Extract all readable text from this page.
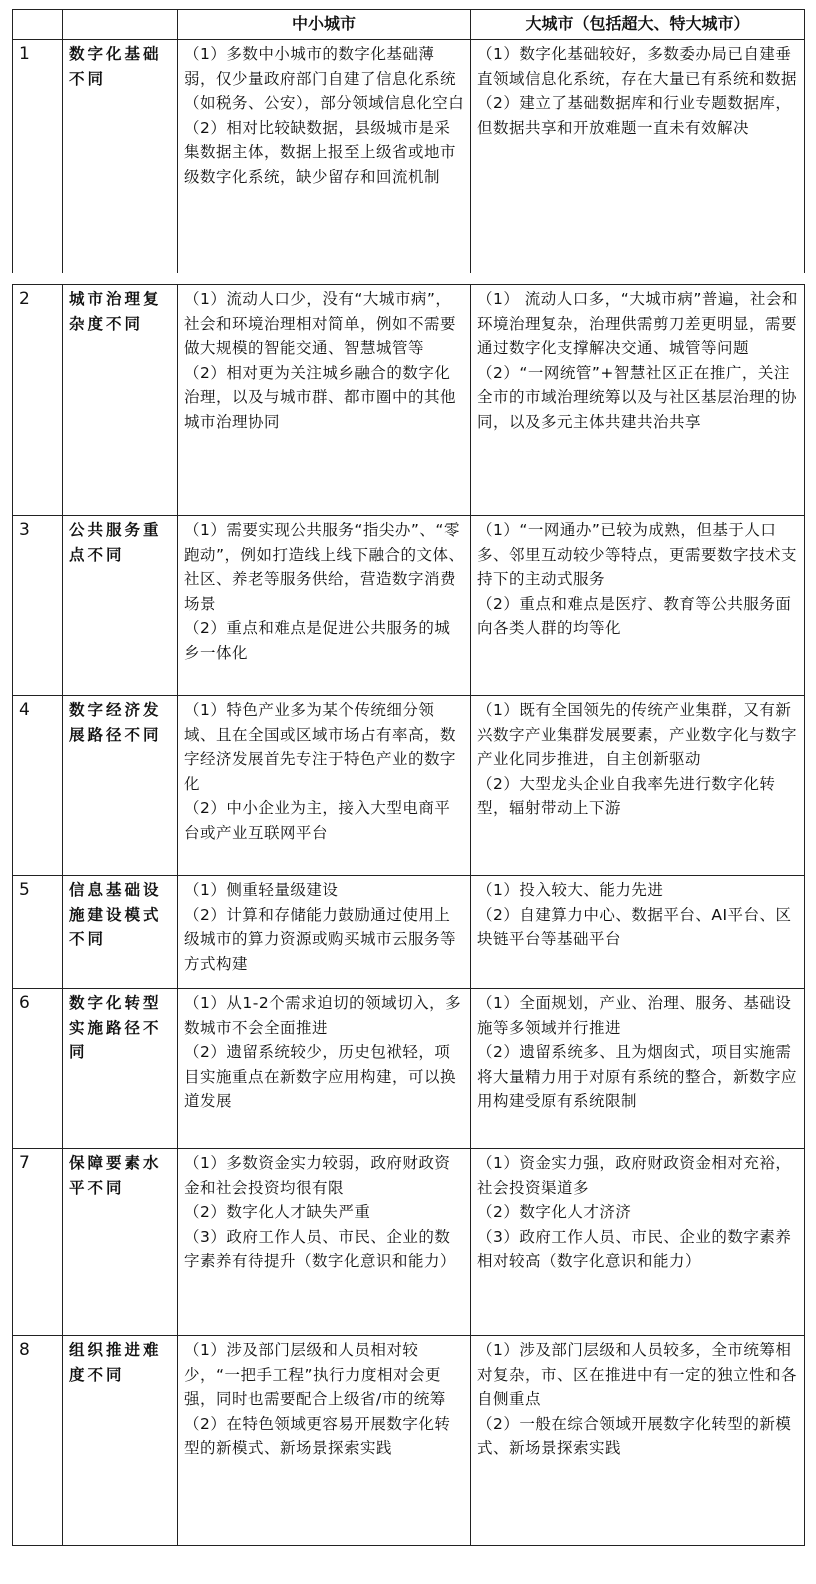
		中小城市	大城市（包括超大、特大城市）
1	数字化基础不同	（1）多数中小城市的数字化基础薄弱，仅少量政府部门自建了信息化系统（如税务、公安），部分领域信息化空白
（2）相对比较缺数据，县级城市是采集数据主体，数据上报至上级省或地市级数字化系统，缺少留存和回流机制	（1）数字化基础较好，多数委办局已自建垂直领域信息化系统，存在大量已有系统和数据
（2）建立了基础数据库和行业专题数据库，但数据共享和开放难题一直未有效解决
2	城市治理复杂度不同	（1）流动人口少，没有“大城市病”，社会和环境治理相对简单，例如不需要做大规模的智能交通、智慧城管等
（2）相对更为关注城乡融合的数字化治理，以及与城市群、都市圈中的其他城市治理协同	（1） 流动人口多，“大城市病”普遍，社会和环境治理复杂，治理供需剪刀差更明显，需要通过数字化支撑解决交通、城管等问题
（2）“一网统管”+智慧社区正在推广，关注全市的市域治理统筹以及与社区基层治理的协同，以及多元主体共建共治共享

3	公共服务重点不同	（1）需要实现公共服务“指尖办”、“零跑动”，例如打造线上线下融合的文体、社区、养老等服务供给，营造数字消费场景
（2）重点和难点是促进公共服务的城乡一体化	（1）“一网通办”已较为成熟，但基于人口多、邻里互动较少等特点，更需要数字技术支持下的主动式服务
（2）重点和难点是医疗、教育等公共服务面向各类人群的均等化

4	数字经济发展路径不同	（1）特色产业多为某个传统细分领域、且在全国或区域市场占有率高，数字经济发展首先专注于特色产业的数字化
（2）中小企业为主，接入大型电商平台或产业互联网平台	（1）既有全国领先的传统产业集群，又有新兴数字产业集群发展要素，产业数字化与数字产业化同步推进，自主创新驱动
（2）大型龙头企业自我率先进行数字化转型，辐射带动上下游

5	信息基础设施建设模式不同	（1）侧重轻量级建设
（2）计算和存储能力鼓励通过使用上级城市的算力资源或购买城市云服务等方式构建	（1）投入较大、能力先进
（2）自建算力中心、数据平台、AI平台、区块链平台等基础平台

6	数字化转型实施路径不同	（1）从1-2个需求迫切的领域切入，多数城市不会全面推进
（2）遗留系统较少，历史包袱轻，项目实施重点在新数字应用构建，可以换道发展	（1）全面规划，产业、治理、服务、基础设施等多领域并行推进
（2）遗留系统多、且为烟囱式，项目实施需将大量精力用于对原有系统的整合，新数字应用构建受原有系统限制

7	保障要素水平不同	（1）多数资金实力较弱，政府财政资金和社会投资均很有限
（2）数字化人才缺失严重
（3）政府工作人员、市民、企业的数字素养有待提升（数字化意识和能力）	（1）资金实力强，政府财政资金相对充裕，社会投资渠道多
（2）数字化人才济济
（3）政府工作人员、市民、企业的数字素养相对较高（数字化意识和能力）

8	组织推进难度不同	（1）涉及部门层级和人员相对较少，“一把手工程”执行力度相对会更强，同时也需要配合上级省/市的统筹
（2）在特色领域更容易开展数字化转型的新模式、新场景探索实践	（1）涉及部门层级和人员较多，全市统筹相对复杂，市、区在推进中有一定的独立性和各自侧重点
（2）一般在综合领域开展数字化转型的新模式、新场景探索实践
